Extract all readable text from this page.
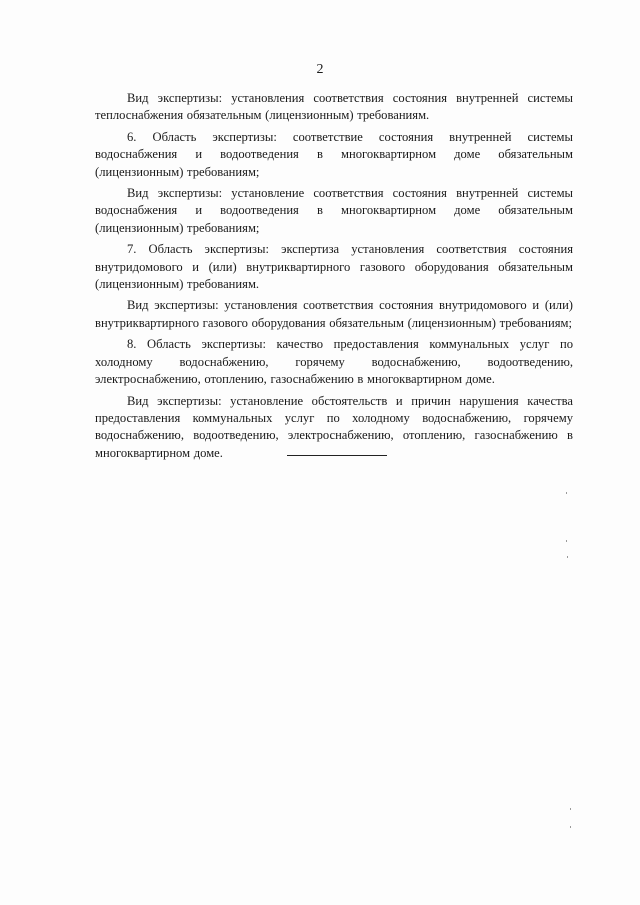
2

Вид экспертизы: установления соответствия состояния внутренней системы теплоснабжения обязательным (лицензионным) требованиям.

6. Область экспертизы: соответствие состояния внутренней системы водоснабжения и водоотведения в многоквартирном доме обязательным (лицензионным) требованиям;

Вид экспертизы: установление соответствия состояния внутренней системы водоснабжения и водоотведения в многоквартирном доме обязательным (лицензионным) требованиям;

7. Область экспертизы: экспертиза установления соответствия состояния внутридомового и (или) внутриквартирного газового оборудования обязательным (лицензионным) требованиям.

Вид экспертизы: установления соответствия состояния внутридомового и (или) внутриквартирного газового оборудования обязательным (лицензионным) требованиям;

8. Область экспертизы: качество предоставления коммунальных услуг по холодному водоснабжению, горячему водоснабжению, водоотведению, электроснабжению, отоплению, газоснабжению в многоквартирном доме.

Вид экспертизы: установление обстоятельств и причин нарушения качества предоставления коммунальных услуг по холодному водоснабжению, горячему водоснабжению, водоотведению, электроснабжению, отоплению, газоснабжению в многоквартирном доме.
